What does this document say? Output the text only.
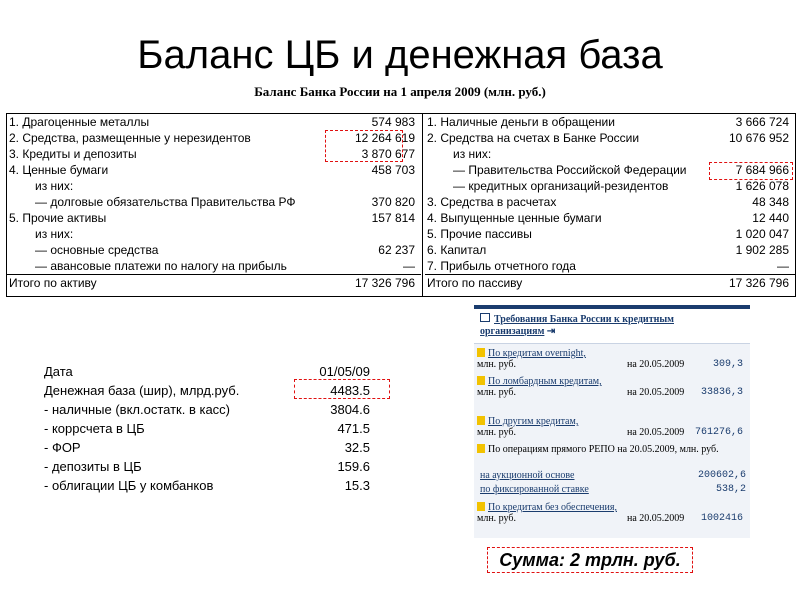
Баланс ЦБ и денежная база
Баланс Банка России на 1 апреля 2009 (млн. руб.)
1. Драгоценные металлы	574 983
2. Средства, размещенные у нерезидентов	12 264 619
3. Кредиты и депозиты	3 870 677
4. Ценные бумаги	458 703
из них:
— долговые обязательства Правительства РФ	370 820
5. Прочие активы	157 814
из них:
— основные средства	62 237
— авансовые платежи по налогу на прибыль	—
Итого по активу	17 326 796
1. Наличные деньги в обращении	3 666 724
2. Средства на счетах в Банке России	10 676 952
из них:
— Правительства Российской Федерации	7 684 966
— кредитных организаций-резидентов	1 626 078
3. Средства в расчетах	48 348
4. Выпущенные ценные бумаги	12 440
5. Прочие пассивы	1 020 047
6. Капитал	1 902 285
7. Прибыль отчетного года	—
Итого по пассиву	17 326 796
Дата	01/05/09
Денежная база (шир), млрд.руб.	4483.5
- наличные (вкл.остатк. в касс)	3804.6
- коррсчета в ЦБ	471.5
- ФОР	32.5
- депозиты в ЦБ	159.6
- облигации ЦБ у комбанков	15.3
Требования Банка России к кредитным организациям ⇥
По кредитам overnight,
млн. руб.	на 20.05.2009	309,3
По ломбардным кредитам,
млн. руб.	на 20.05.2009 33836,3
По другим кредитам,
млн. руб.	на 20.05.2009 761276,6
По операциям прямого РЕПО на 20.05.2009, млн. руб.
на аукционной основе	200602,6
по фиксированной ставке	538,2
По кредитам без обеспечения,
млн. руб.	на 20.05.2009 1002416
Сумма: 2 трлн. руб.
